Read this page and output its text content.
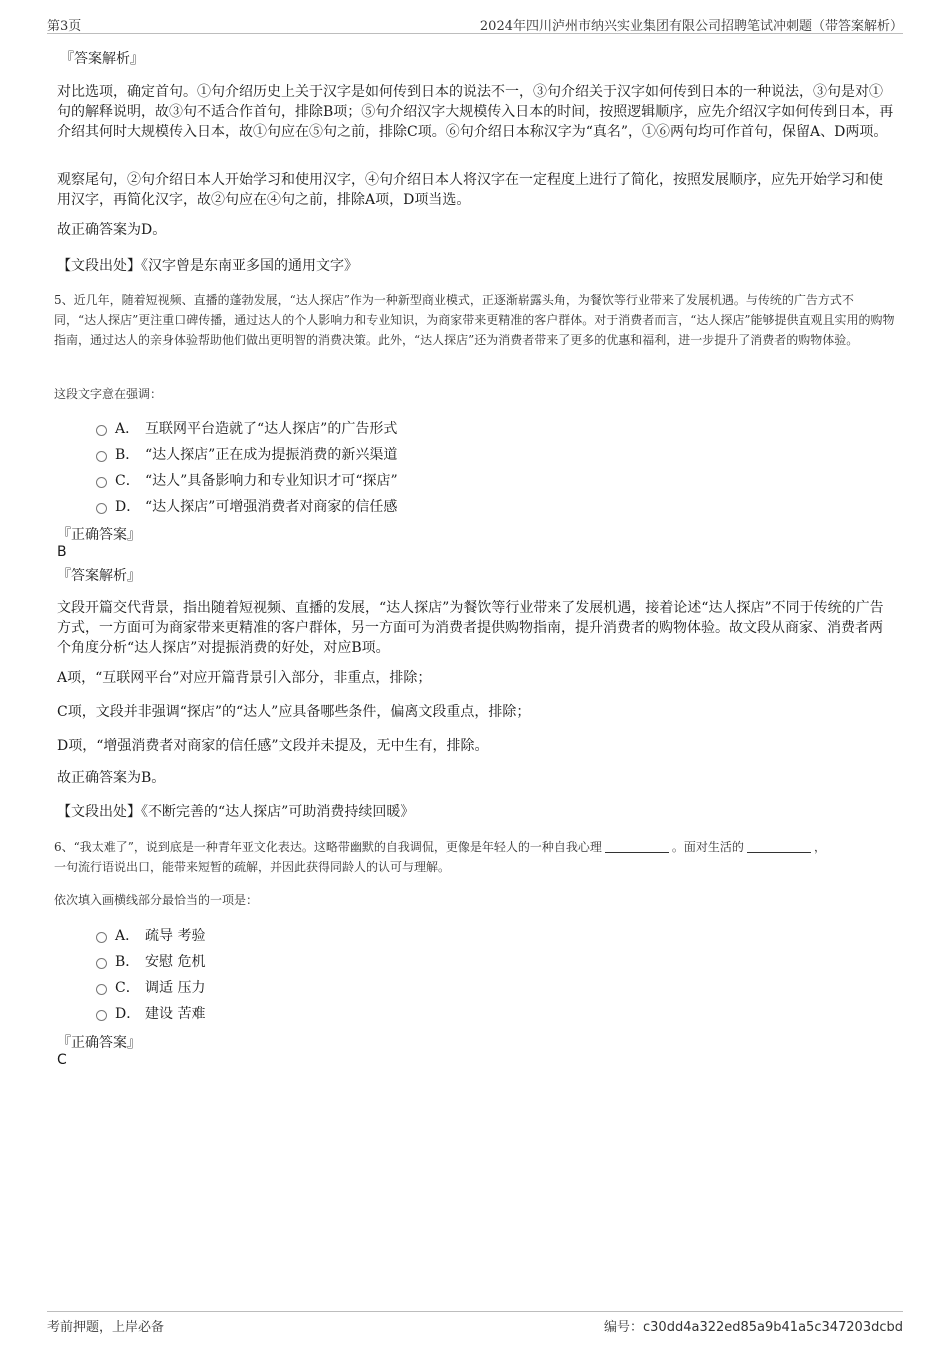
第3页	2024年四川泸州市纳兴实业集团有限公司招聘笔试冲刺题（带答案解析）
『答案解析』
对比选项，确定首句。①句介绍历史上关于汉字是如何传到日本的说法不一，③句介绍关于汉字如何传到日本的一种说法，③句是对①句的解释说明，故③句不适合作首句，排除B项；⑤句介绍汉字大规模传入日本的时间，按照逻辑顺序，应先介绍汉字如何传到日本，再介绍其何时大规模传入日本，故①句应在⑤句之前，排除C项。⑥句介绍日本称汉字为“真名”，①⑥两句均可作首句，保留A、D两项。
观察尾句，②句介绍日本人开始学习和使用汉字，④句介绍日本人将汉字在一定程度上进行了简化，按照发展顺序，应先开始学习和使用汉字，再简化汉字，故②句应在④句之前，排除A项，D项当选。
故正确答案为D。
【文段出处】《汉字曾是东南亚多国的通用文字》
5、近几年，随着短视频、直播的蓬勃发展，“达人探店”作为一种新型商业模式，正逐渐崭露头角，为餐饮等行业带来了发展机遇。与传统的广告方式不同，“达人探店”更注重口碑传播，通过达人的个人影响力和专业知识，为商家带来更精准的客户群体。对于消费者而言，“达人探店”能够提供直观且实用的购物指南，通过达人的亲身体验帮助他们做出更明智的消费决策。此外，“达人探店”还为消费者带来了更多的优惠和福利，进一步提升了消费者的购物体验。
这段文字意在强调：
A． 互联网平台造就了“达人探店”的广告形式
B． “达人探店”正在成为提振消费的新兴渠道
C． “达人”具备影响力和专业知识才可“探店”
D． “达人探店”可增强消费者对商家的信任感
『正确答案』
B
『答案解析』
文段开篇交代背景，指出随着短视频、直播的发展，“达人探店”为餐饮等行业带来了发展机遇，接着论述“达人探店”不同于传统的广告方式，一方面可为商家带来更精准的客户群体，另一方面可为消费者提供购物指南，提升消费者的购物体验。故文段从商家、消费者两个角度分析“达人探店”对提振消费的好处，对应B项。
A项，“互联网平台”对应开篇背景引入部分，非重点，排除；
C项，文段并非强调“探店”的“达人”应具备哪些条件，偏离文段重点，排除；
D项，“增强消费者对商家的信任感”文段并未提及，无中生有，排除。
故正确答案为B。
【文段出处】《不断完善的“达人探店”可助消费持续回暖》
6、“我太难了”，说到底是一种青年亚文化表达。这略带幽默的自我调侃，更像是年轻人的一种自我心理	。面对生活的	，
一句流行语说出口，能带来短暂的疏解，并因此获得同龄人的认可与理解。
依次填入画横线部分最恰当的一项是：
A． 疏导 考验
B． 安慰 危机
C． 调适 压力
D． 建设 苦难
『正确答案』
C
考前押题，上岸必备	编号：c30dd4a322ed85a9b41a5c347203dcbd
